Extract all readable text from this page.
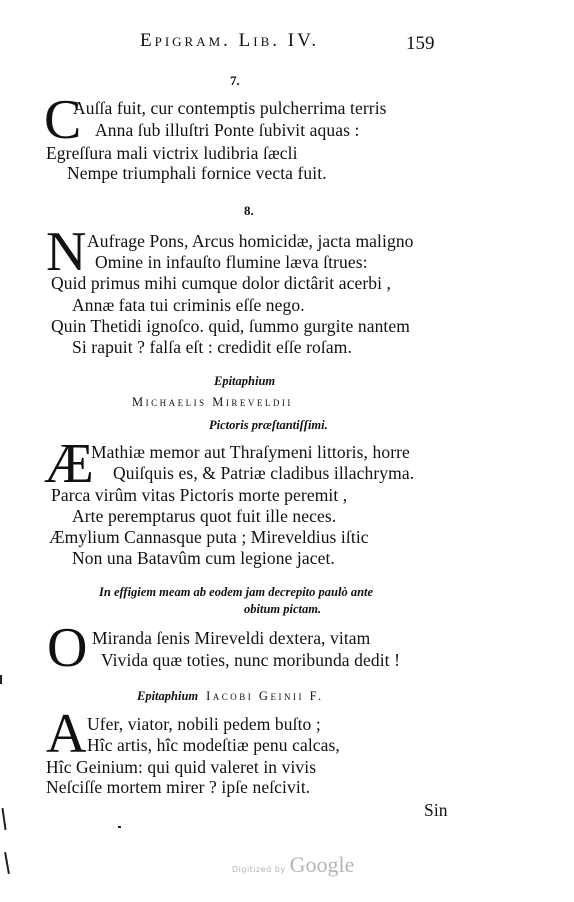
Epigram. Lib. IV.	159
7.
C
Auſſa fuit, cur contemptis pulcherrima terris
Anna ſub illuſtri Ponte ſubivit aquas :
Egreſſura mali victrix ludibria ſæcli
Nempe triumphali fornice vecta fuit.
8.
N Aufrage Pons, Arcus homicidæ, jacta maligno
Omine in infauſto flumine læva ſtrues:
Quid primus mihi cumque dolor dictârit acerbi ,
Annæ fata tui criminis eſſe nego.
Quin Thetidi ignoſco. quid, ſummo gurgite nantem
Si rapuit ? falſa eſt : credidit eſſe roſam.
Epitaphium
Michaelis Mireveldii
Pictoris præſtantiſſimi.
Æ
Mathiæ memor aut Thraſymeni littoris, horre
Quiſquis es, & Patriæ cladibus illachryma.
Parca virûm vitas Pictoris morte peremit ,
Arte peremptarus quot fuit ille neces.
Æmylium Cannasque puta ; Mireveldius iſtic
Non una Batavûm cum legione jacet.
In effigiem meam ab eodem jam decrepito paulò ante
obitum pictam.
O Miranda ſenis Mireveldi dextera, vitam
Vivida quæ toties, nunc moribunda dedit !
Epitaphium Iacobi Geinii F.
A Ufer, viator, nobili pedem buſto ;
Hîc artis, hîc modeſtiæ penu calcas,
Hîc Geinium: qui quid valeret in vivis
Neſciſſe mortem mirer ? ipſe neſcivit.
Sin
Digitized by Google
